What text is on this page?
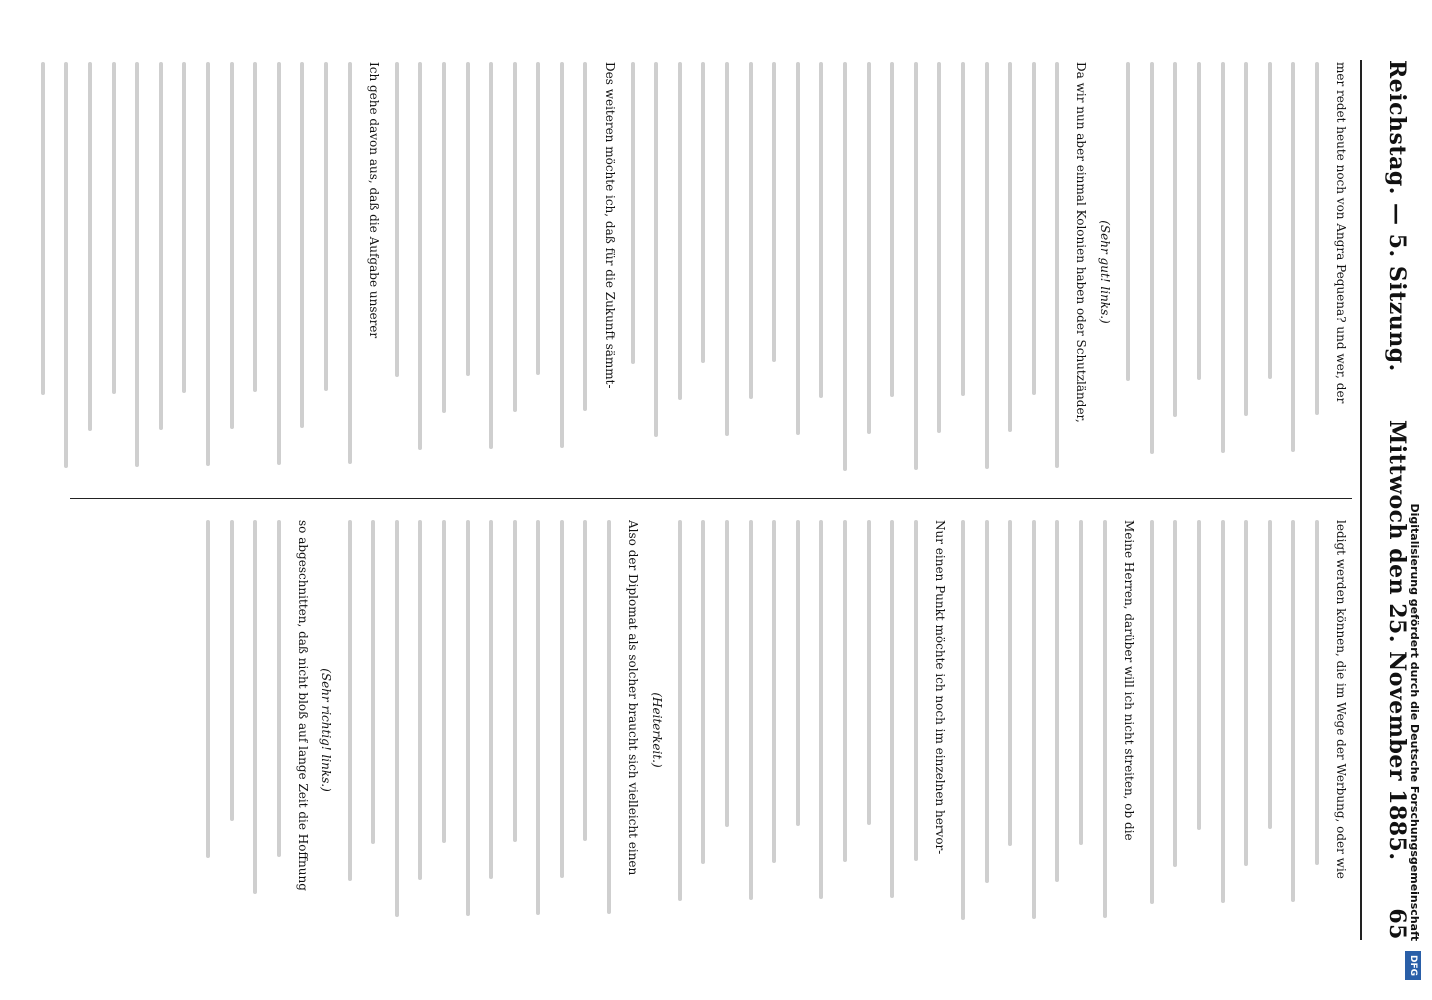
Reichstag. — 5. Sitzung.
Mittwoch den 25. November 1885.
65
mer redet heute noch von Angra Pequena? und wer, der
(Sehr gut! links.)
Da wir nun aber einmal Kolonien haben oder Schutzländer,
Des weiteren möchte ich, daß für die Zukunft sämmt-
Ich gehe davon aus, daß die Aufgabe unserer
ledigt werden können, die im Wege der Werbung, oder wie
Meine Herren, darüber will ich nicht streiten, ob die
Nur einen Punkt möchte ich noch im einzelnen hervor-
(Heiterkeit.)
Also der Diplomat als solcher braucht sich vielleicht einen
(Sehr richtig! links.)
so abgeschnitten, daß nicht bloß auf lange Zeit die Hoffnung	Digitalisierung gefördert durch die Deutsche Forschungsgemeinschaft DFG
